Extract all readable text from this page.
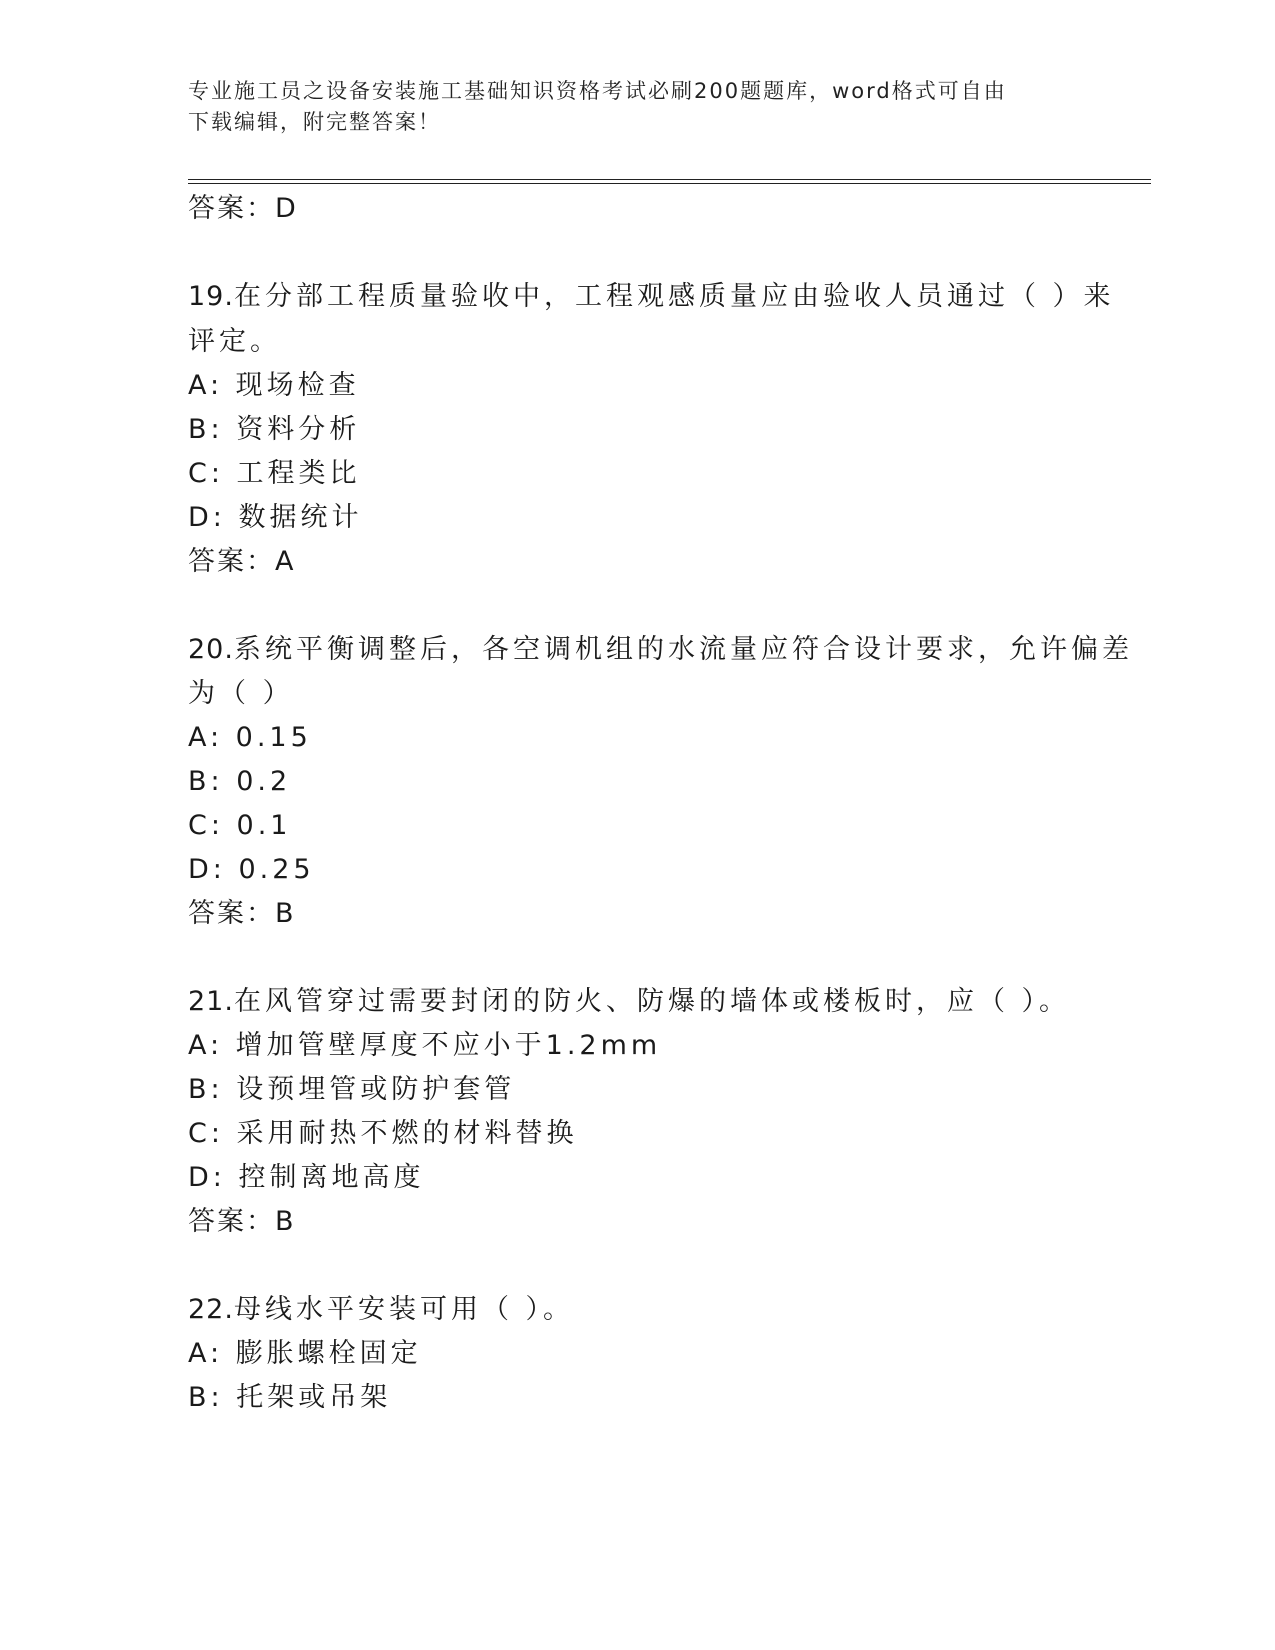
专业施工员之设备安装施工基础知识资格考试必刷200题题库，word格式可自由
下载编辑，附完整答案！
答案：D
19.在分部工程质量验收中，工程观感质量应由验收人员通过（ ）来
评定。
A: 现场检查
B: 资料分析
C: 工程类比
D: 数据统计
答案：A
20.系统平衡调整后，各空调机组的水流量应符合设计要求，允许偏差
为（ ）
A: 0.15
B: 0.2
C: 0.1
D: 0.25
答案：B
21.在风管穿过需要封闭的防火、防爆的墙体或楼板时，应（ ）。
A: 增加管壁厚度不应小于1.2mm
B: 设预埋管或防护套管
C: 采用耐热不燃的材料替换
D: 控制离地高度
答案：B
22.母线水平安装可用（ ）。
A: 膨胀螺栓固定
B: 托架或吊架
